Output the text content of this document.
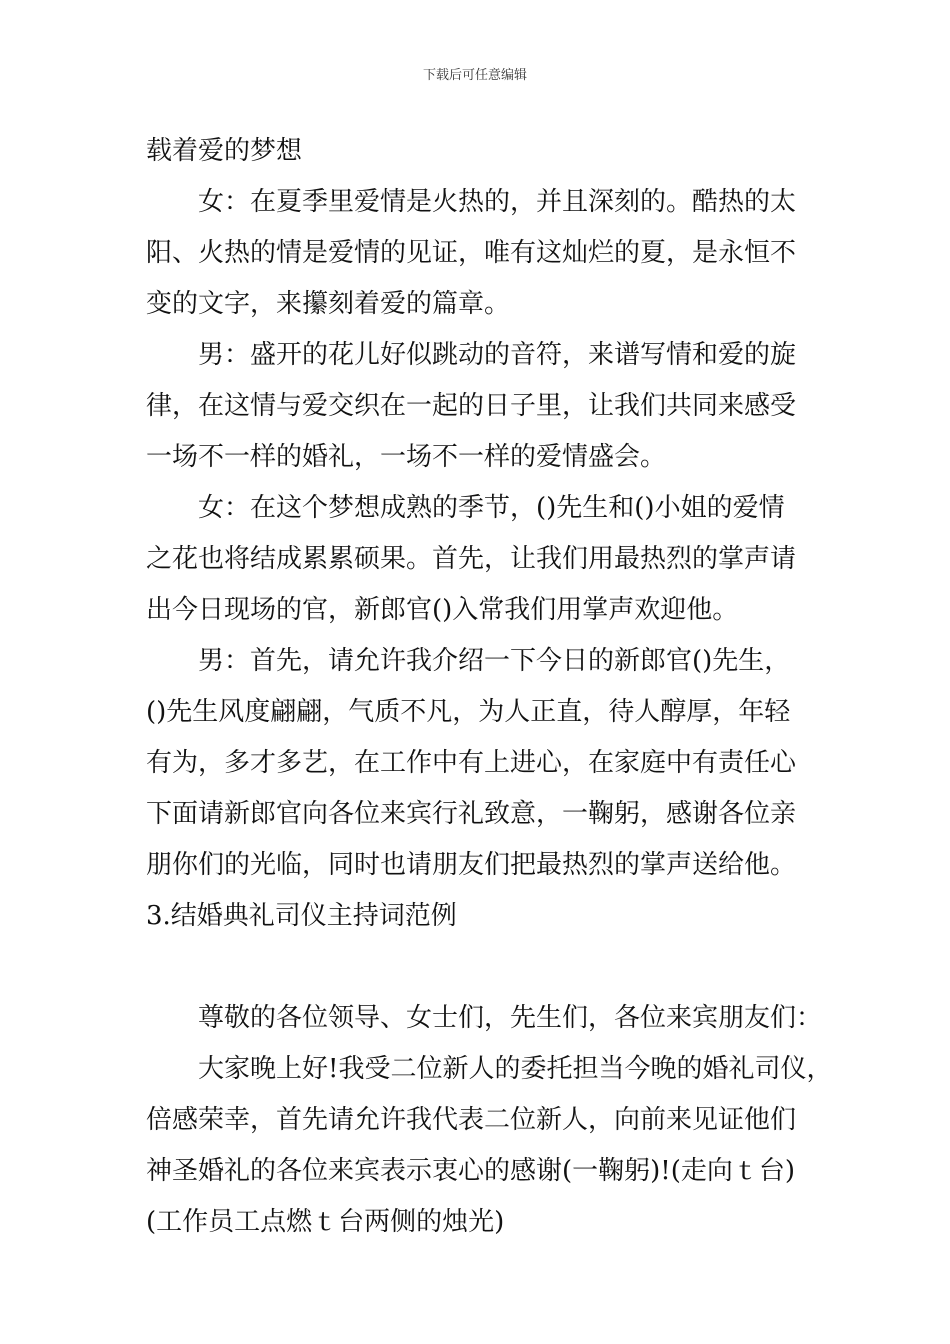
下载后可任意编辑

载着爱的梦想

女：在夏季里爱情是火热的，并且深刻的。酷热的太
阳、火热的情是爱情的见证，唯有这灿烂的夏，是永恒不
变的文字，来攥刻着爱的篇章。

男：盛开的花儿好似跳动的音符，来谱写情和爱的旋
律，在这情与爱交织在一起的日子里，让我们共同来感受
一场不一样的婚礼，一场不一样的爱情盛会。

女：在这个梦想成熟的季节，()先生和()小姐的爱情
之花也将结成累累硕果。首先，让我们用最热烈的掌声请
出今日现场的官，新郎官()入常我们用掌声欢迎他。

男：首先，请允许我介绍一下今日的新郎官()先生，
()先生风度翩翩，气质不凡，为人正直，待人醇厚，年轻
有为，多才多艺，在工作中有上进心，在家庭中有责任心
下面请新郎官向各位来宾行礼致意，一鞠躬，感谢各位亲
朋你们的光临，同时也请朋友们把最热烈的掌声送给他。

3.结婚典礼司仪主持词范例

尊敬的各位领导、女士们，先生们，各位来宾朋友们：

大家晚上好!我受二位新人的委托担当今晚的婚礼司仪，
倍感荣幸，首先请允许我代表二位新人，向前来见证他们
神圣婚礼的各位来宾表示衷心的感谢(一鞠躬)!(走向ｔ台)
(工作员工点燃ｔ台两侧的烛光)
